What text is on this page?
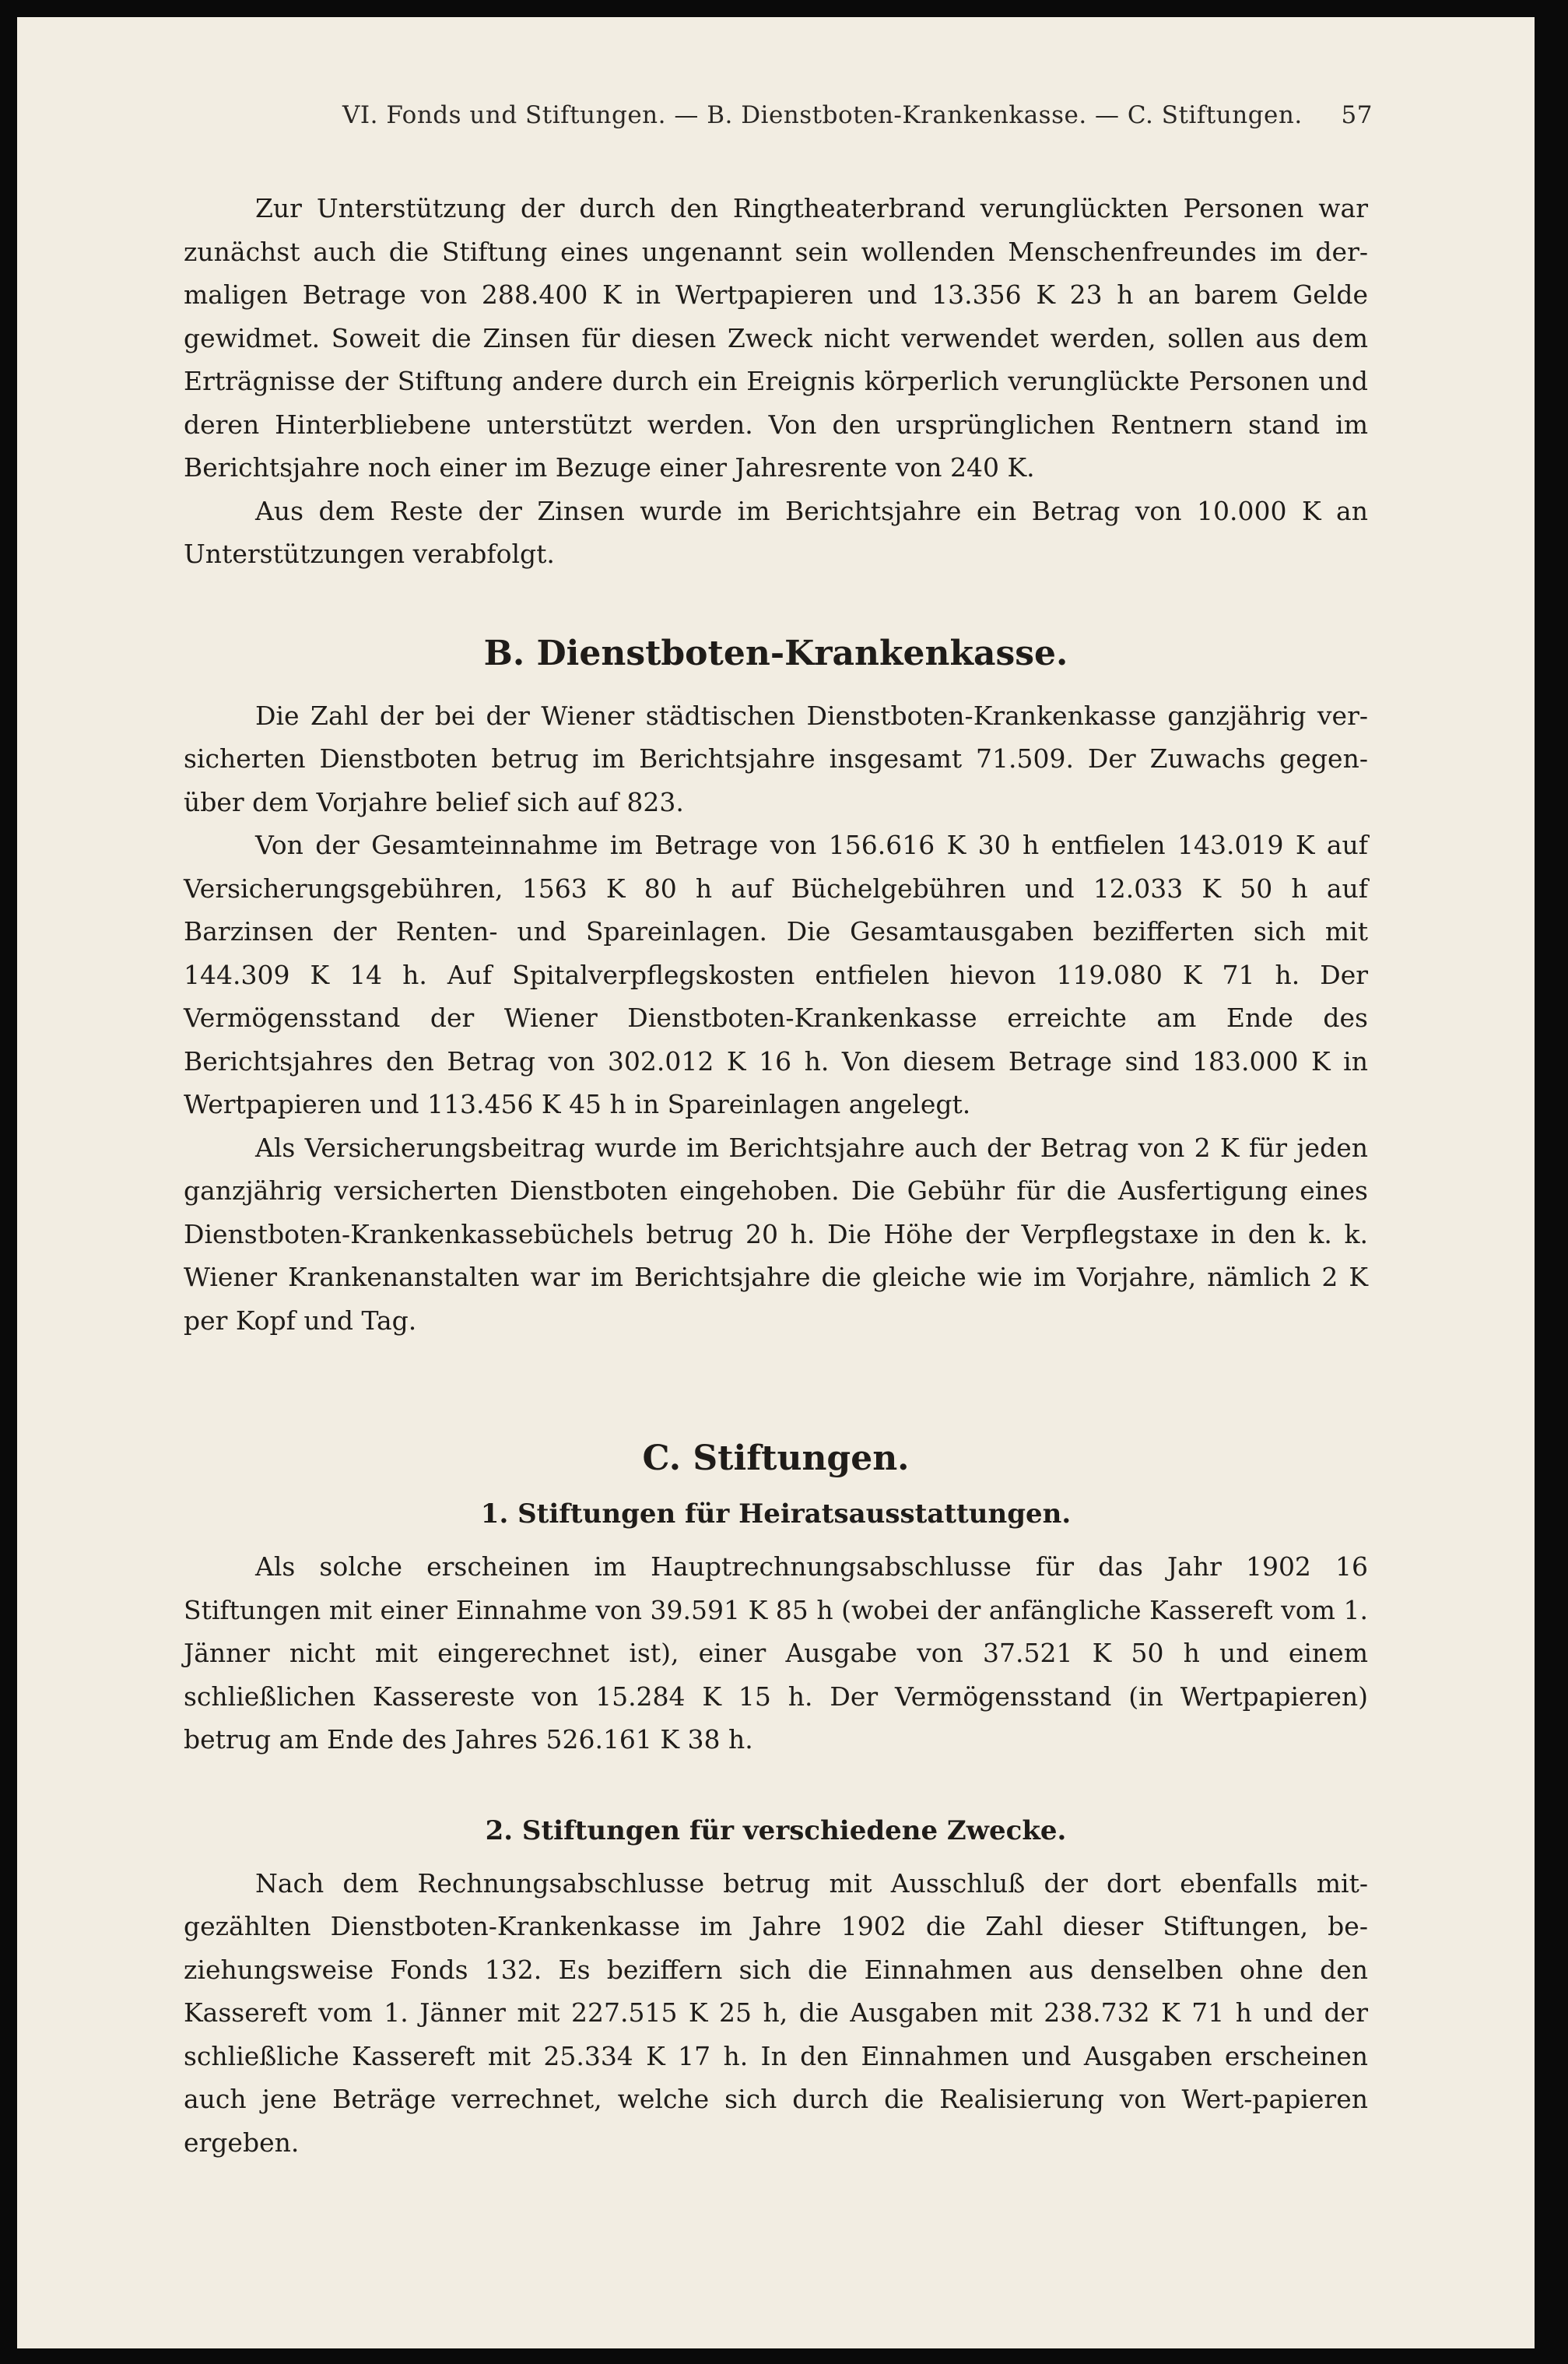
VI. Fonds und Stiftungen. — B. Dienstboten-Krankenkasse. — C. Stiftungen. 57

Zur Unterstützung der durch den Ringtheaterbrand verunglückten Personen war zunächst auch die Stiftung eines ungenannt sein wollenden Menschenfreundes im der-maligen Betrage von 288.400 K in Wertpapieren und 13.356 K 23 h an barem Gelde gewidmet. Soweit die Zinsen für diesen Zweck nicht verwendet werden, sollen aus dem Erträgnisse der Stiftung andere durch ein Ereignis körperlich verunglückte Personen und deren Hinterbliebene unterstützt werden. Von den ursprünglichen Rentnern stand im Berichtsjahre noch einer im Bezuge einer Jahresrente von 240 K.

Aus dem Reste der Zinsen wurde im Berichtsjahre ein Betrag von 10.000 K an Unterstützungen verabfolgt.

B. Dienstboten-Krankenkasse.

Die Zahl der bei der Wiener städtischen Dienstboten-Krankenkasse ganzjährig ver-sicherten Dienstboten betrug im Berichtsjahre insgesamt 71.509. Der Zuwachs gegen-über dem Vorjahre belief sich auf 823.

Von der Gesamteinnahme im Betrage von 156.616 K 30 h entfielen 143.019 K auf Versicherungsgebühren, 1563 K 80 h auf Büchelgebühren und 12.033 K 50 h auf Barzinsen der Renten- und Spareinlagen. Die Gesamtausgaben bezifferten sich mit 144.309 K 14 h. Auf Spitalverpflegskosten entfielen hievon 119.080 K 71 h. Der Vermögensstand der Wiener Dienstboten-Krankenkasse erreichte am Ende des Berichtsjahres den Betrag von 302.012 K 16 h. Von diesem Betrage sind 183.000 K in Wertpapieren und 113.456 K 45 h in Spareinlagen angelegt.

Als Versicherungsbeitrag wurde im Berichtsjahre auch der Betrag von 2 K für jeden ganzjährig versicherten Dienstboten eingehoben. Die Gebühr für die Ausfertigung eines Dienstboten-Krankenkassebüchels betrug 20 h. Die Höhe der Verpflegstaxe in den k. k. Wiener Krankenanstalten war im Berichtsjahre die gleiche wie im Vorjahre, nämlich 2 K per Kopf und Tag.

C. Stiftungen.
1. Stiftungen für Heiratsausstattungen.

Als solche erscheinen im Hauptrechnungsabschlusse für das Jahr 1902 16 Stiftungen mit einer Einnahme von 39.591 K 85 h (wobei der anfängliche Kassereft vom 1. Jänner nicht mit eingerechnet ist), einer Ausgabe von 37.521 K 50 h und einem schließlichen Kassereste von 15.284 K 15 h. Der Vermögensstand (in Wertpapieren) betrug am Ende des Jahres 526.161 K 38 h.

2. Stiftungen für verschiedene Zwecke.

Nach dem Rechnungsabschlusse betrug mit Ausschluß der dort ebenfalls mit-gezählten Dienstboten-Krankenkasse im Jahre 1902 die Zahl dieser Stiftungen, be-ziehungsweise Fonds 132. Es beziffern sich die Einnahmen aus denselben ohne den Kassereft vom 1. Jänner mit 227.515 K 25 h, die Ausgaben mit 238.732 K 71 h und der schließliche Kassereft mit 25.334 K 17 h. In den Einnahmen und Ausgaben erscheinen auch jene Beträge verrechnet, welche sich durch die Realisierung von Wert-papieren ergeben.
